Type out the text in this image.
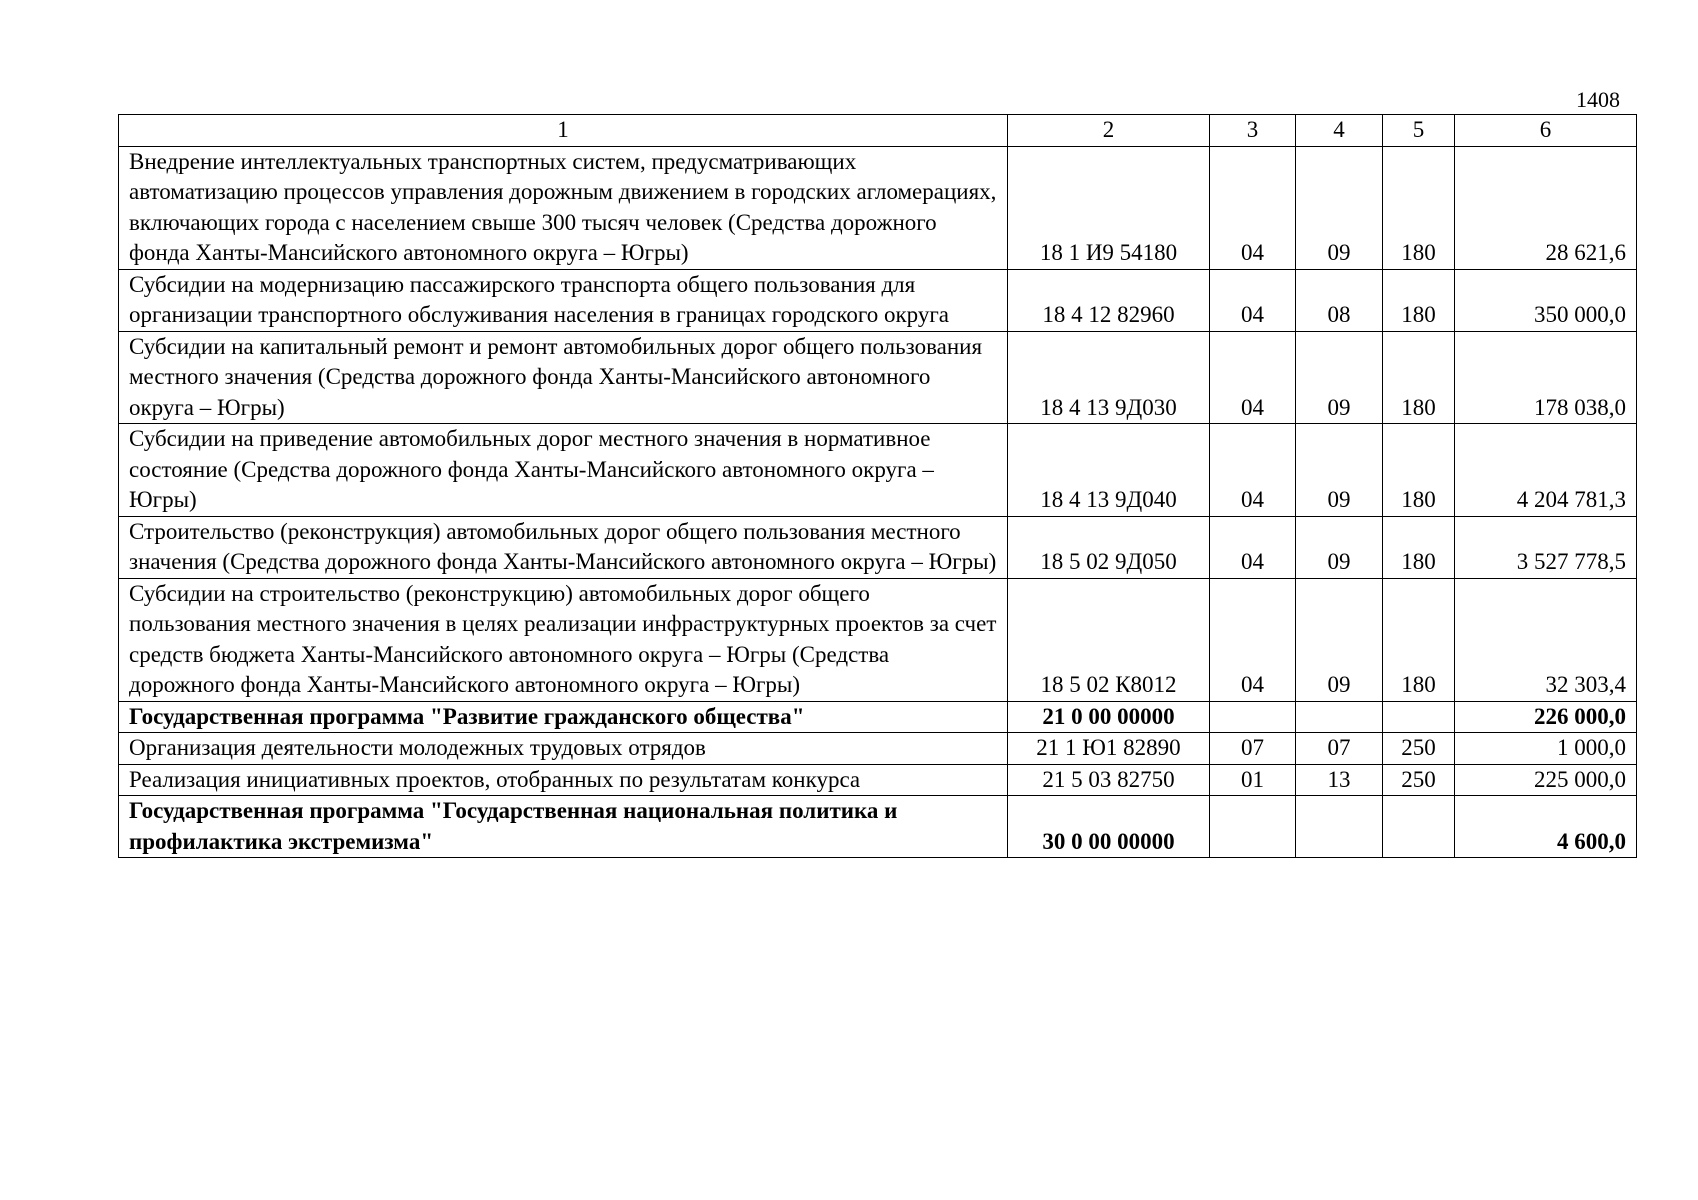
1408
1	2	3	4	5	6
Внедрение интеллектуальных транспортных систем, предусматривающих автоматизацию процессов управления дорожным движением в городских агломерациях, включающих города с населением свыше 300 тысяч человек (Средства дорожного фонда Ханты-Мансийского автономного округа – Югры)	18 1 И9 54180	04	09	180	28 621,6
Субсидии на модернизацию пассажирского транспорта общего пользования для организации транспортного обслуживания населения в границах городского округа	18 4 12 82960	04	08	180	350 000,0
Субсидии на капитальный ремонт и ремонт автомобильных дорог общего пользования местного значения (Средства дорожного фонда Ханты-Мансийского автономного округа – Югры)	18 4 13 9Д030	04	09	180	178 038,0
Субсидии на приведение автомобильных дорог местного значения в нормативное состояние (Средства дорожного фонда Ханты-Мансийского автономного округа – Югры)	18 4 13 9Д040	04	09	180	4 204 781,3
Строительство (реконструкция) автомобильных дорог общего пользования местного значения (Средства дорожного фонда Ханты-Мансийского автономного округа – Югры)	18 5 02 9Д050	04	09	180	3 527 778,5
Субсидии на строительство (реконструкцию) автомобильных дорог общего пользования местного значения в целях реализации инфраструктурных проектов за счет средств бюджета Ханты-Мансийского автономного округа – Югры (Средства дорожного фонда Ханты-Мансийского автономного округа – Югры)	18 5 02 К8012	04	09	180	32 303,4
Государственная программа "Развитие гражданского общества"	21 0 00 00000				226 000,0
Организация деятельности молодежных трудовых отрядов	21 1 Ю1 82890	07	07	250	1 000,0
Реализация инициативных проектов, отобранных по результатам конкурса	21 5 03 82750	01	13	250	225 000,0
Государственная программа "Государственная национальная политика и профилактика экстремизма"	30 0 00 00000				4 600,0
